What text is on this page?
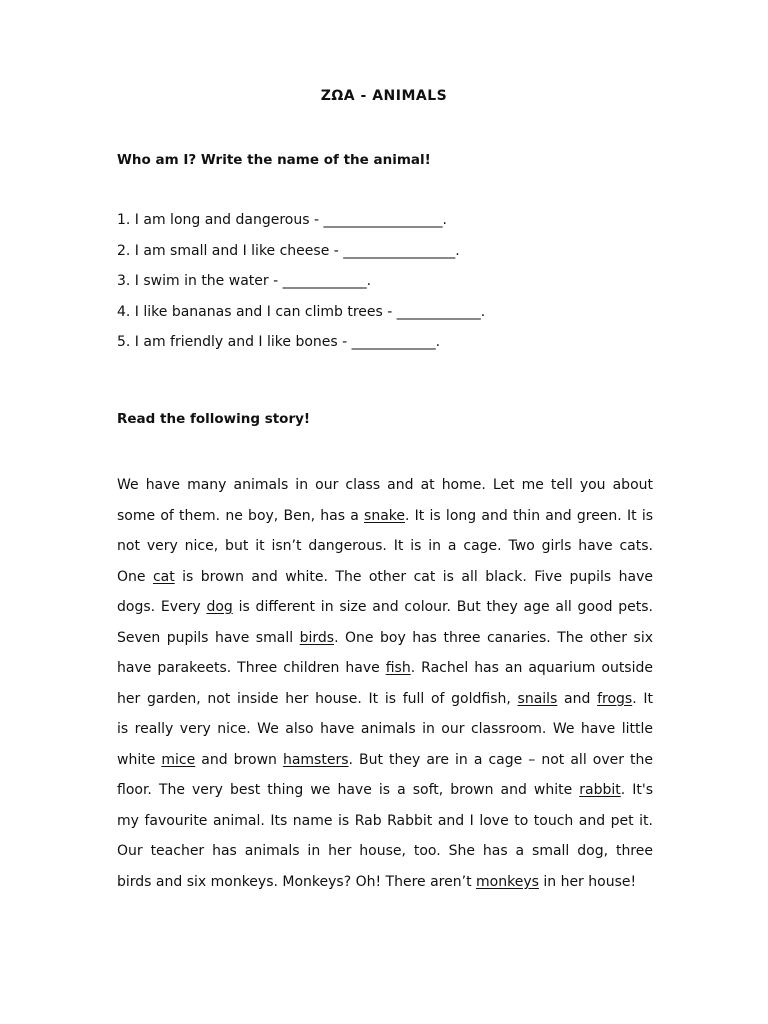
ΖΩΑ - ANIMALS
Who am I? Write the name of the animal!
1. I am long and dangerous - _________________.
2. I am small and I like cheese - ________________.
3. I swim in the water - ____________.
4. I like bananas and I can climb trees - ____________.
5. I am friendly and I like bones - ____________.
Read the following story!
We have many animals in our class and at home. Let me tell you about
some of them. ne boy, Ben, has a snake. It is long and thin and green. It is
not very nice, but it isn’t dangerous. It is in a cage. Two girls have cats.
One cat is brown and white. The other cat is all black. Five pupils have
dogs. Every dog is different in size and colour. But they age all good pets.
Seven pupils have small birds. One boy has three canaries. The other six
have parakeets. Three children have fish. Rachel has an aquarium outside
her garden, not inside her house. It is full of goldfish, snails and frogs. It
is really very nice. We also have animals in our classroom. We have little
white mice and brown hamsters. But they are in a cage – not all over the
floor. The very best thing we have is a soft, brown and white rabbit. It's
my favourite animal. Its name is Rab Rabbit and I love to touch and pet it.
Our teacher has animals in her house, too. She has a small dog, three
birds and six monkeys. Monkeys? Oh! There aren’t monkeys in her house!
